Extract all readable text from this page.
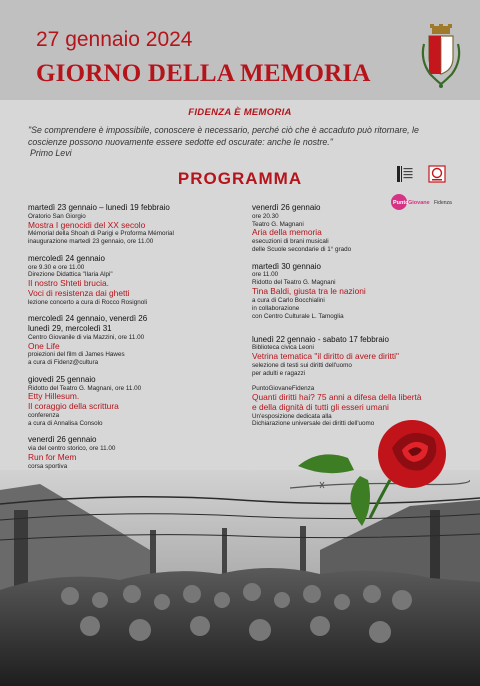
27 gennaio 2024
GIORNO DELLA MEMORIA
FIDENZA È MEMORIA
"Se comprendere è impossibile, conoscere è necessario, perché ciò che è accaduto può ritornare, le coscienze possono nuovamente essere sedotte ed oscurate: anche le nostre."
Primo Levi
PROGRAMMA
Punto Giovane Fidenza
martedì 23 gennaio – lunedì 19 febbraio
Oratorio San Giorgio
Mostra I genocidi del XX secolo
Mémorial della Shoah di Parigi e Proforma Mémorial
inaugurazione martedì 23 gennaio, ore 11.00
mercoledì 24 gennaio
ore 9.30 e ore 11.00
Direzione Didattica "Ilaria Alpi"
Il nostro Shteti brucia.
Voci di resistenza dai ghetti
lezione concerto a cura di Rocco Rosignoli
mercoledì 24 gennaio, venerdì 26
lunedì 29, mercoledì 31
Centro Giovanile di via Mazzini, ore 11.00
One Life
proiezioni del film di James Hawes
a cura di Fidenz@cultura
giovedì 25 gennaio
Ridotto del Teatro G. Magnani, ore 11.00
Etty Hillesum.
Il coraggio della scrittura
conferenza
a cura di Annalisa Consolo
venerdì 26 gennaio
via del centro storico, ore 11.00
Run for Mem
corsa sportiva
venerdì 26 gennaio
ore 20.30
Teatro G. Magnani
Aria della memoria
esecuzioni di brani musicali
delle Scuole secondarie di 1° grado
martedì 30 gennaio
ore 11.00
Ridotto del Teatro G. Magnani
Tina Baldi, giusta tra le nazioni
a cura di Carlo Bocchialini
in collaborazione
con Centro Culturale L. Tamoglia
lunedì 22 gennaio - sabato 17 febbraio
Biblioteca civica Leoni
Vetrina tematica "il diritto di avere diritti"
selezione di testi sui diritti dell'uomo
per adulti e ragazzi
PuntoGiovaneFidenza
Quanti diritti hai? 75 anni a difesa della libertà
e della dignità di tutti gli esseri umani
Un'esposizione dedicata alla
Dichiarazione universale dei diritti dell'uomo
